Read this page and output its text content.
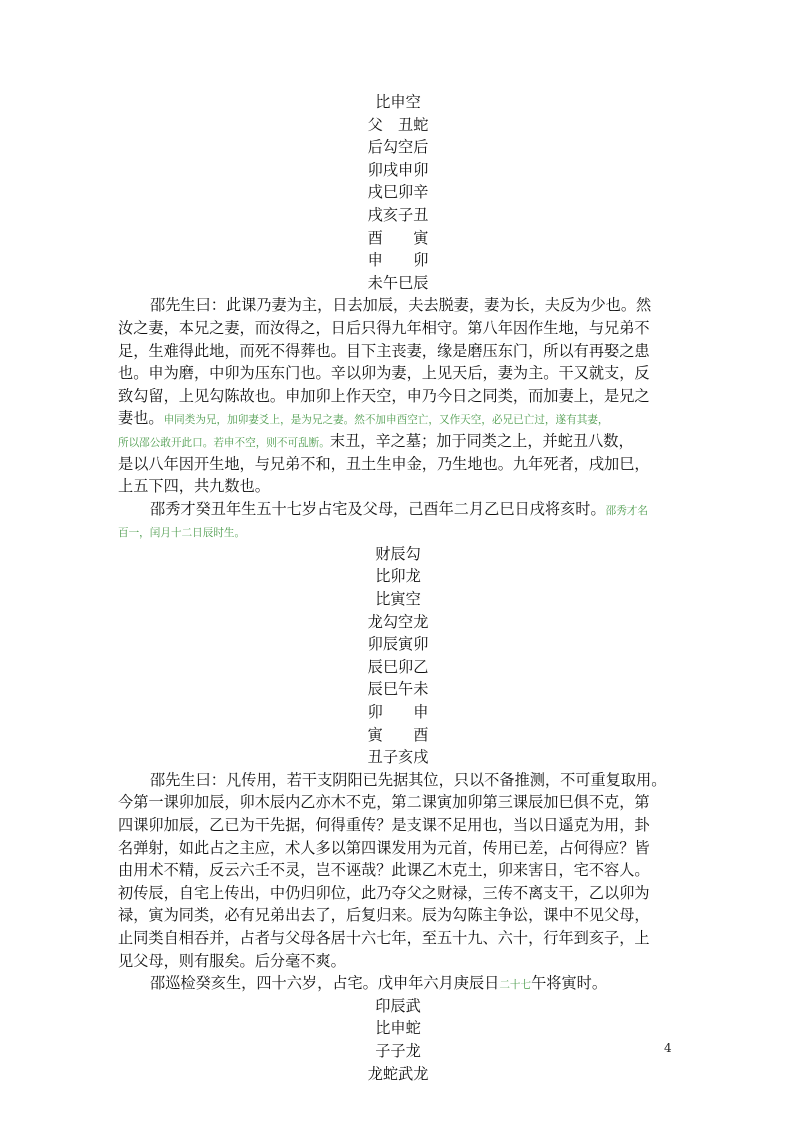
比申空
父　丑蛇
后勾空后
卯戌申卯
戌巳卯辛
戌亥子丑
酉　　寅
申　　卯
未午巳辰
邵先生曰：此课乃妻为主，日去加辰，夫去脱妻，妻为长，夫反为少也。然
汝之妻，本兄之妻，而汝得之，日后只得九年相守。第八年因作生地，与兄弟不
足，生难得此地，而死不得葬也。目下主丧妻，缘是磨压东门，所以有再娶之患
也。申为磨，中卯为压东门也。辛以卯为妻，上见天后，妻为主。干又就支，反
致勾留，上见勾陈故也。申加卯上作天空，申乃今日之同类，而加妻上，是兄之
妻也。申同类为兄，加卯妻爻上，是为兄之妻。然不加申酉空亡，又作天空，必兄已亡过，遂有其妻，
所以邵公敢开此口。若申不空，则不可乱断。末丑，辛之墓；加于同类之上，并蛇丑八数，
是以八年因开生地，与兄弟不和，丑土生申金，乃生地也。九年死者，戌加巳，
上五下四，共九数也。
邵秀才癸丑年生五十七岁占宅及父母，己酉年二月乙巳日戌将亥时。邵秀才名
百一，闰月十二日辰时生。
财辰勾
比卯龙
比寅空
龙勾空龙
卯辰寅卯
辰巳卯乙
辰巳午未
卯　　申
寅　　酉
丑子亥戌
邵先生曰：凡传用，若干支阴阳已先据其位，只以不备推测，不可重复取用。
今第一课卯加辰，卯木辰内乙亦木不克，第二课寅加卯第三课辰加巳俱不克，第
四课卯加辰，乙已为干先据，何得重传？是支课不足用也，当以日遥克为用，卦
名弹射，如此占之主应，术人多以第四课发用为元首，传用已差，占何得应？皆
由用术不精，反云六壬不灵，岂不诬哉？此课乙木克土，卯来害日，宅不容人。
初传辰，自宅上传出，中仍归卯位，此乃夺父之财禄，三传不离支干，乙以卯为
禄，寅为同类，必有兄弟出去了，后复归来。辰为勾陈主争讼，课中不见父母，
止同类自相吞并，占者与父母各居十六七年，至五十九、六十，行年到亥子，上
见父母，则有服矣。后分毫不爽。
邵巡检癸亥生，四十六岁，占宅。戊申年六月庚辰日二十七午将寅时。
印辰武
比申蛇
子子龙
龙蛇武龙
4
